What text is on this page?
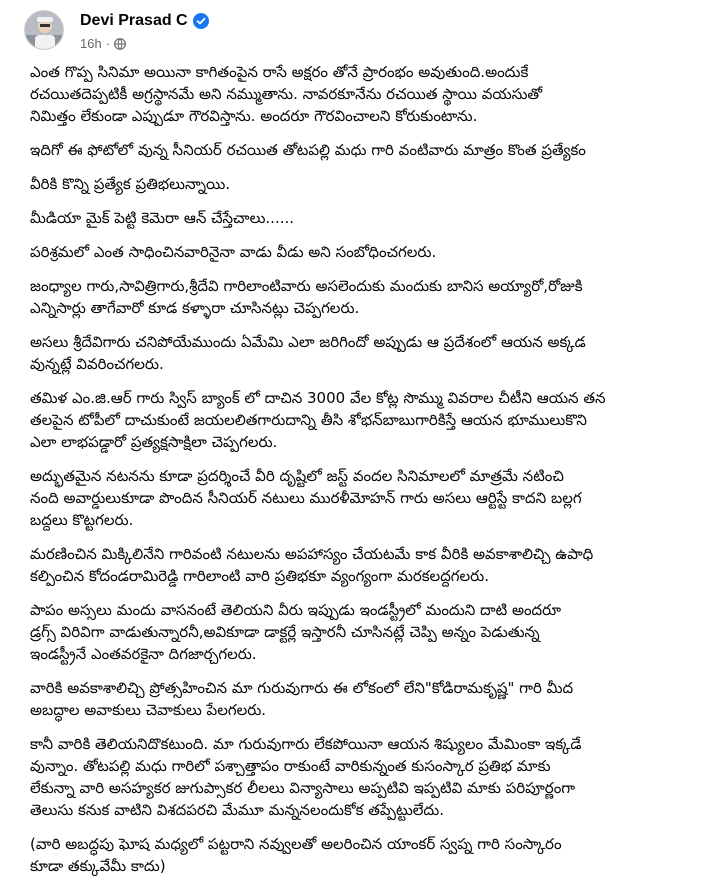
Devi Prasad C
16h ·
ఎంత గొప్ప సినిమా అయినా కాగితంపైన రాసే అక్షరం తోనే ప్రారంభం అవుతుంది.అందుకే
రచయితదెప్పటికీ అగ్రస్థానమే అని నమ్ముతాను. నావరకూనేను రచయిత స్థాయి వయసుతో
నిమిత్తం లేకుండా ఎప్పుడూ గౌరవిస్తాను. అందరూ గౌరవించాలని కోరుకుంటాను.
ఇదిగో ఈ ఫోటోలో వున్న సీనియర్ రచయిత తోటపల్లి మధు గారి వంటివారు మాత్రం కొంత ప్రత్యేకం
వీరికి కొన్ని ప్రత్యేక ప్రతిభలున్నాయి.
మీడియా మైక్ పెట్టి కెమెరా ఆన్ చేస్తేచాలు......
పరిశ్రమలో ఎంత సాధించినవారినైనా వాడు వీడు అని సంబోధించగలరు.
జంధ్యాల గారు,సావిత్రిగారు,శ్రీదేవి గారిలాంటివారు అసలెందుకు మందుకు బానిస అయ్యారో,రోజుకి
ఎన్నిసార్లు తాగేవారో కూడ కళ్ళారా చూసినట్లు చెప్పగలరు.
అసలు శ్రీదేవిగారు చనిపోయేముందు ఏమేమి ఎలా జరిగిందో అప్పుడు ఆ ప్రదేశంలో ఆయన అక్కడ
వున్నట్లే వివరించగలరు.
తమిళ ఎం.జి.ఆర్ గారు స్విస్ బ్యాంక్ లో దాచిన 3000 వేల కోట్ల సొమ్ము వివరాల చీటీని ఆయన తన
తలపైన టోపీలో దాచుకుంటే జయలలితగారుదాన్ని తీసి శోభన్‌బాబుగారికిస్తే ఆయన భూములుకొని
ఎలా లాభపడ్డారో ప్రత్యక్షసాక్షిలా చెప్పగలరు.
అద్భుతమైన నటనను కూడా ప్రదర్శించే వీరి దృష్టిలో జస్ట్ వందల సినిమాలలో మాత్రమే నటించి
నంది అవార్డులుకూడా పొందిన సీనియర్ నటులు మురళీమోహన్ గారు అసలు ఆర్టిస్టే కాదని బల్లగ
బద్దలు కొట్టగలరు.
మరణించిన మిక్కిలినేని గారివంటి నటులను అపహాస్యం చేయటమే కాక వీరికి అవకాశాలిచ్చి ఉపాధి
కల్పించిన కోదండరామిరెడ్డి గారిలాంటి వారి ప్రతిభకూ వ్యంగ్యంగా మరకలద్దగలరు.
పాపం అస్సలు మందు వాసనంటే తెలియని వీరు ఇప్పుడు ఇండస్ట్రీలో మందుని దాటి అందరూ
డ్రగ్స్ విరివిగా వాడుతున్నారనీ,అవికూడా డాక్టర్లే ఇస్తారనీ చూసినట్లే చెప్పి అన్నం పెడుతున్న
ఇండస్ట్రీనే ఎంతవరకైనా దిగజార్చగలరు.
వారికి అవకాశాలిచ్చి ప్రోత్సహించిన మా గురువుగారు ఈ లోకంలో లేని"కోడిరామకృష్ణ" గారి మీద
అబద్ధాల అవాకులు చెవాకులు పేలగలరు.
కానీ వారికి తెలియనిదొకటుంది. మా గురువుగారు లేకపోయినా ఆయన శిష్యులం మేమింకా ఇక్కడే
వున్నాం. తోటపల్లి మధు గారిలో పశ్చాత్తాపం రాకుంటే వారికున్నంత కుసంస్కార ప్రతిభ మాకు
లేకున్నా వారి అసహ్యకర జుగుప్సాకర లీలలు విన్యాసాలు అప్పటివి ఇప్పటివి మాకు పరిపూర్ణంగా
తెలుసు కనుక వాటిని విశదపరచి మేమూ మన్ననలందుకోక తప్పేట్టులేదు.
(వారి అబద్ధపు ఘోష మధ్యలో పట్టరాని నవ్వులతో అలరించిన యాంకర్ స్వప్న గారి సంస్కారం
కూడా తక్కువేమీ కాదు)
